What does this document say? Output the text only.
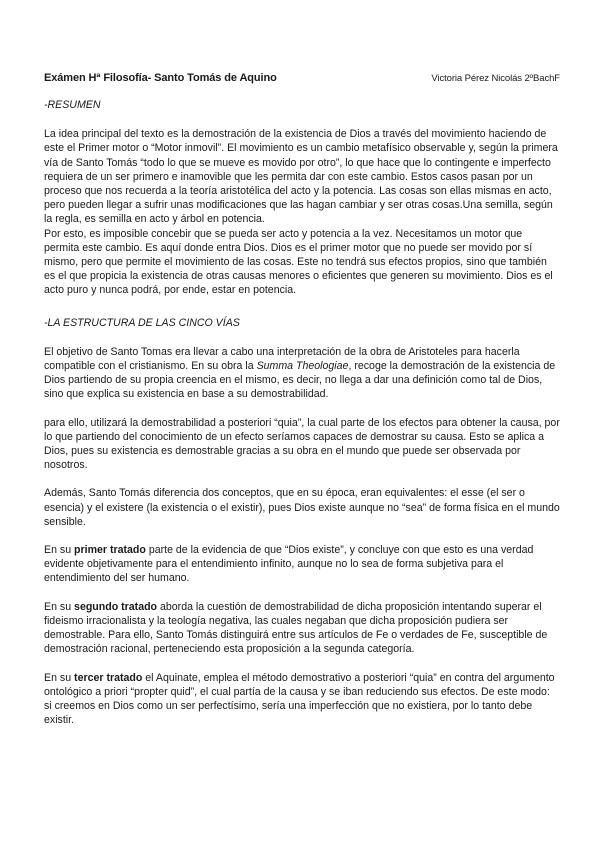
Exámen Hª Filosofía- Santo Tomás de Aquino	Victoria Pérez Nicolás 2ºBachF
-RESUMEN

La idea principal del texto es la demostración de la existencia de Dios a través del movimiento haciendo de este el Primer motor o “Motor inmovil”. El movimiento es un cambio metafísico observable y, según la primera vía de Santo Tomás “todo lo que se mueve es movido por otro”, lo que hace que lo contingente e imperfecto requiera de un ser primero e inamovible que les permita dar con este cambio. Estos casos pasan por un proceso que nos recuerda a la teoría aristotélica del acto y la potencia. Las cosas son ellas mismas en acto, pero pueden llegar a sufrir unas modificaciones que las hagan cambiar y ser otras cosas.Una semilla, según la regla, es semilla en acto y árbol en potencia.

Por esto, es imposible concebir que se pueda ser acto y potencia a la vez. Necesitamos un motor que permita este cambio. Es aquí donde entra Dios. Dios es el primer motor que no puede ser movido por sí mismo, pero que permite el movimiento de las cosas. Este no tendrá sus efectos propios, sino que también es el que propicia la existencia de otras causas menores o eficientes que generen su movimiento. Dios es el acto puro y nunca podrá, por ende, estar en potencia.

-LA ESTRUCTURA DE LAS CINCO VÍAS

El objetivo de Santo Tomas era llevar a cabo una interpretación de la obra de Aristoteles para hacerla compatible con el cristianismo. En su obra la Summa Theologiae, recoge la demostración de la existencia de Dios partiendo de su propia creencia en el mismo, es decir, no llega a dar una definición como tal de Dios, sino que explica su existencia en base a su demostrabilidad.

para ello, utilizará la demostrabilidad a posteriori “quia”, la cual parte de los efectos para obtener la causa, por lo que partiendo del conocimiento de un efecto seríamos capaces de demostrar su causa. Esto se aplica a Dios, pues su existencia es demostrable gracias a su obra en el mundo que puede ser observada por nosotros.

Además, Santo Tomás diferencia dos conceptos, que en su época, eran equivalentes: el esse (el ser o esencia) y el existere (la existencia o el existir), pues Dios existe aunque no “sea” de forma física en el mundo sensible.

En su primer tratado parte de la evidencia de que “Dios existe”, y concluye con que esto es una verdad evidente objetivamente para el entendimiento infinito, aunque no lo sea de forma subjetiva para el entendimiento del ser humano.

En su segundo tratado aborda la cuestión de demostrabilidad de dicha proposición intentando superar el fideismo irracionalista y la teología negativa, las cuales negaban que dicha proposición pudiera ser demostrable. Para ello, Santo Tomás distinguirá entre sus artículos de Fe o verdades de Fe, susceptible de demostración racional, perteneciendo esta proposición a la segunda categoría.

En su tercer tratado el Aquinate, emplea el método demostrativo a posteriori “quia” en contra del argumento ontológico a priori “propter quid”, el cual partía de la causa y se iban reduciendo sus efectos. De este modo: si creemos en Dios como un ser perfectísimo, sería una imperfección que no existiera, por lo tanto debe existir.
